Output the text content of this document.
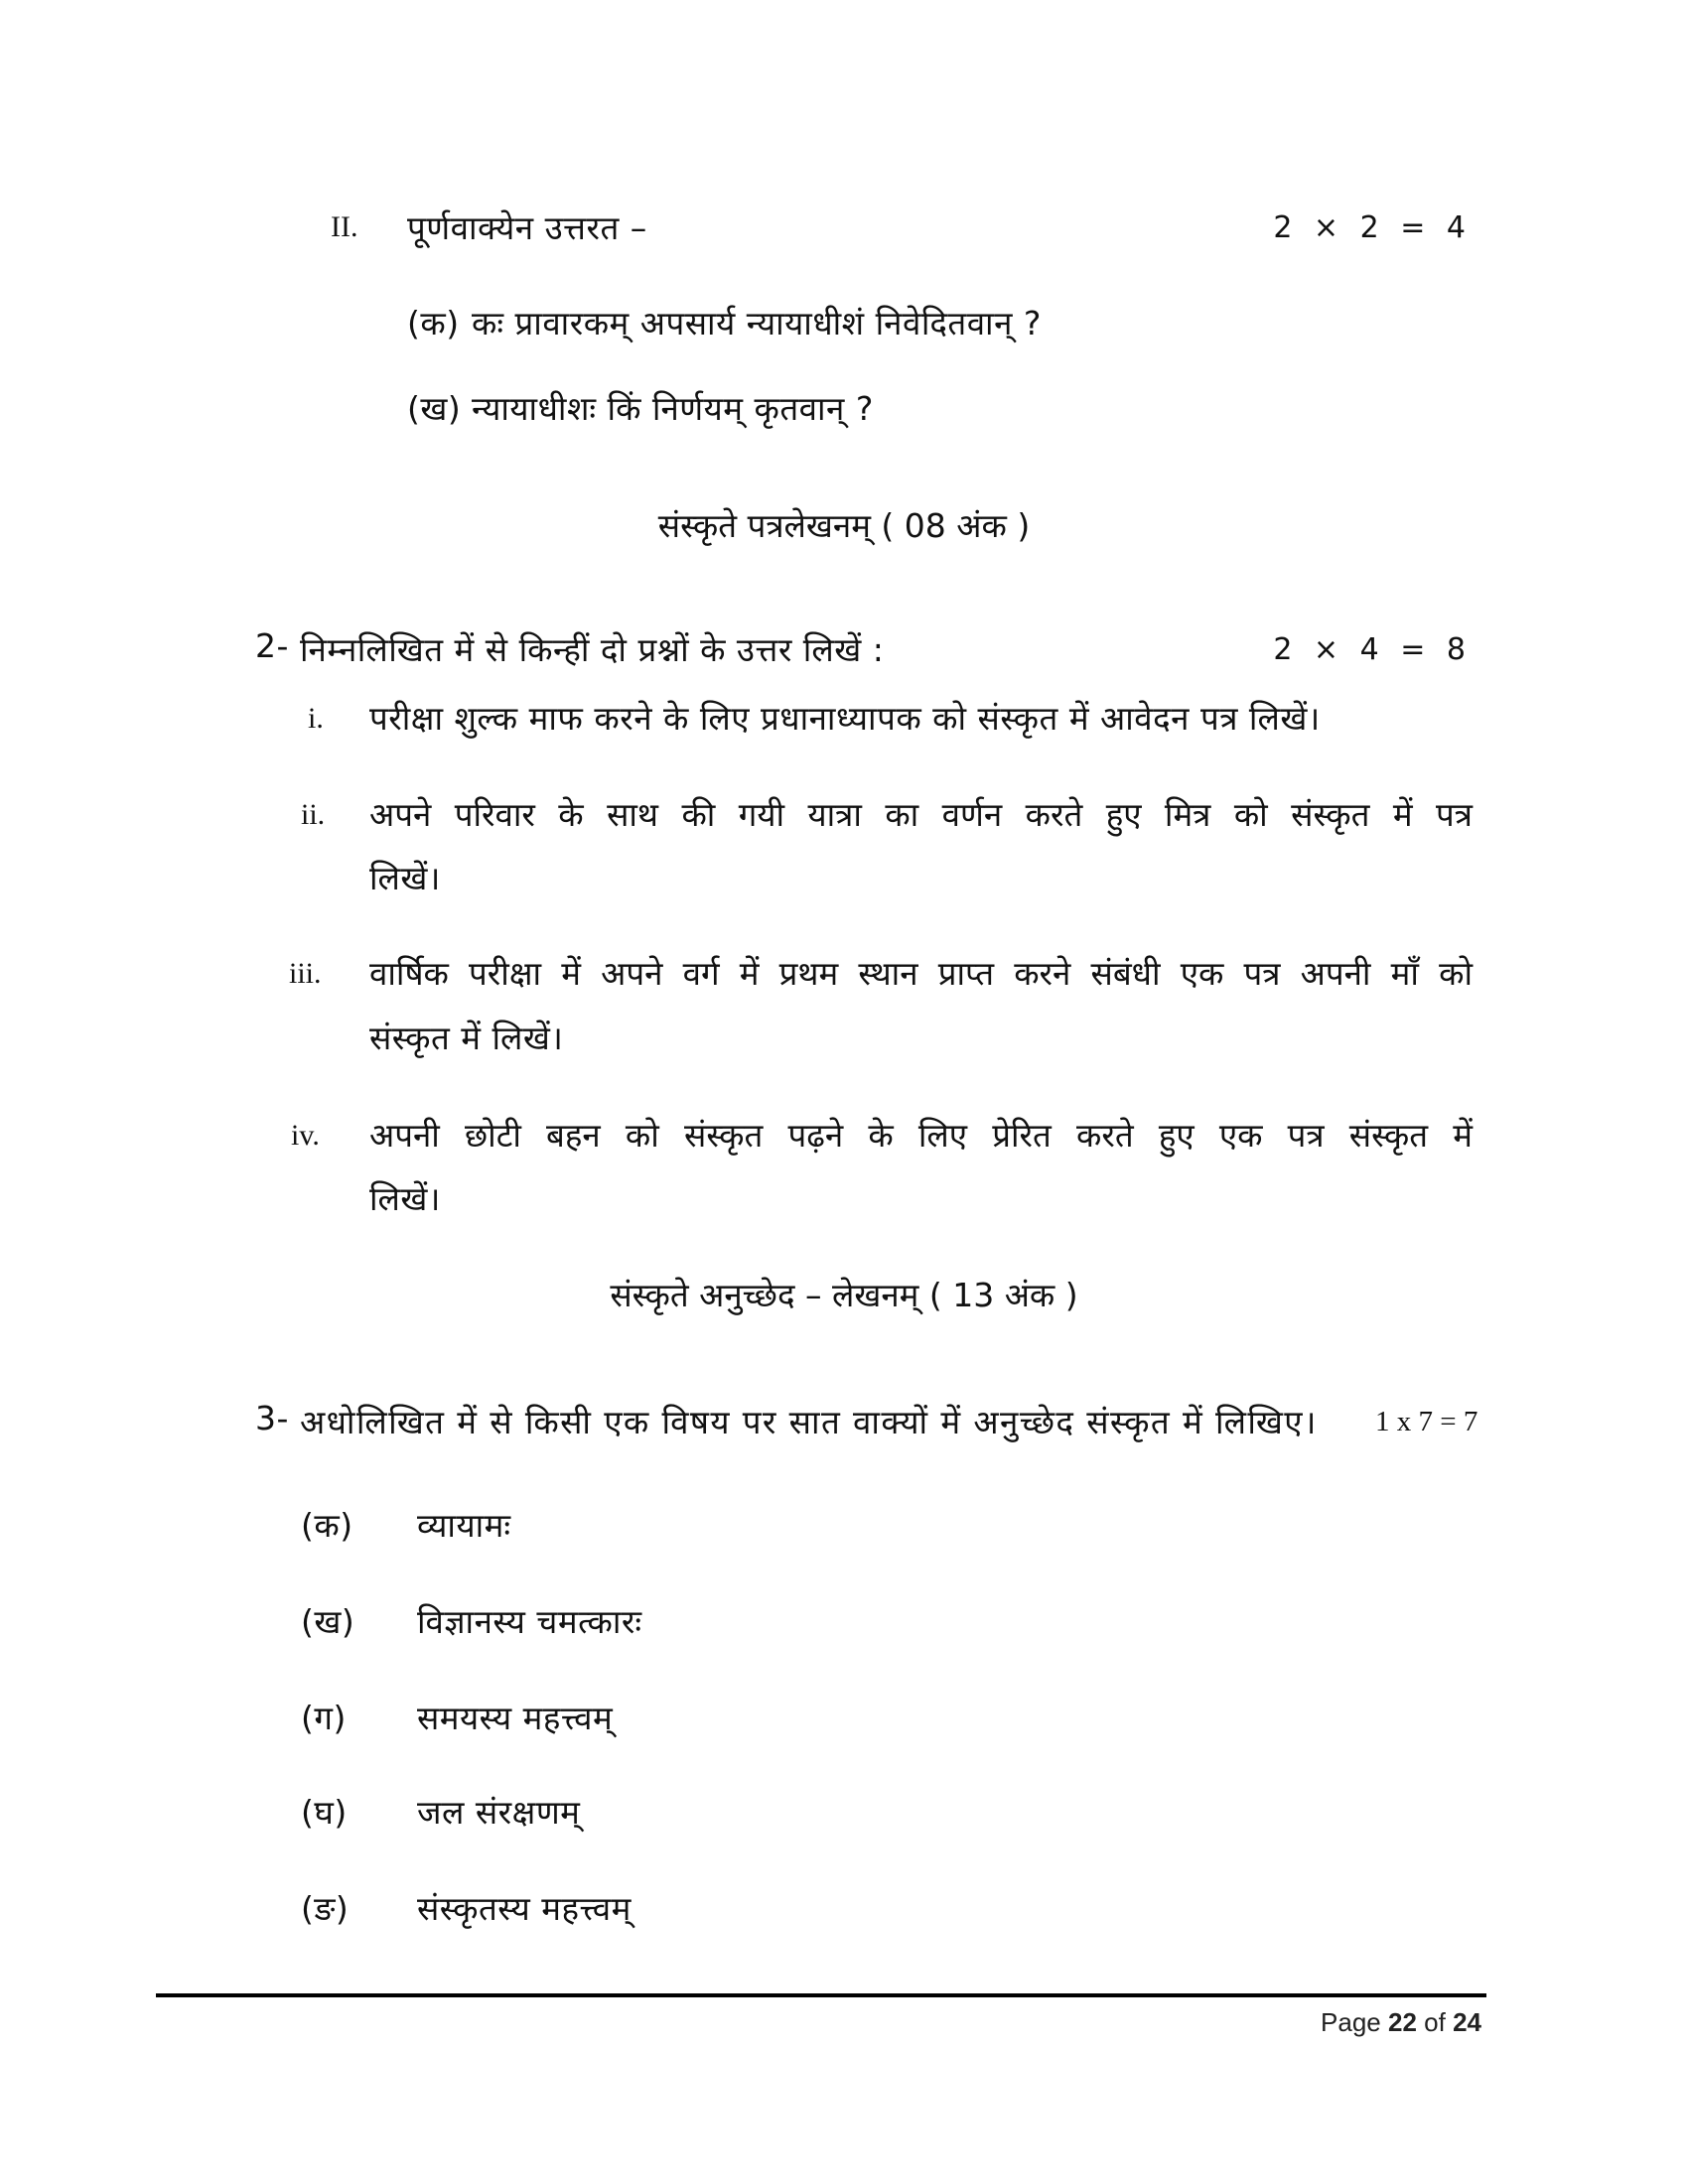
II. पूर्णवाक्येन उत्तरत –	2 × 2 = 4
(क) कः प्रावारकम् अपसार्य न्यायाधीशं निवेदितवान् ?
(ख) न्यायाधीशः किं निर्णयम् कृतवान् ?
संस्कृते पत्रलेखनम् ( 08 अंक )
2- निम्नलिखित में से किन्हीं दो प्रश्नों के उत्तर लिखें :	2 × 4 = 8
i. परीक्षा शुल्क माफ करने के लिए प्रधानाध्यापक को संस्कृत में आवेदन पत्र लिखें।
ii. अपने परिवार के साथ की गयी यात्रा का वर्णन करते हुए मित्र को संस्कृत में पत्र
लिखें।
iii. वार्षिक परीक्षा में अपने वर्ग में प्रथम स्थान प्राप्त करने संबंधी एक पत्र अपनी माँ को
संस्कृत में लिखें।
iv. अपनी छोटी बहन को संस्कृत पढ़ने के लिए प्रेरित करते हुए एक पत्र संस्कृत में
लिखें।
संस्कृते अनुच्छेद – लेखनम् ( 13 अंक )
3- अधोलिखित में से किसी एक विषय पर सात वाक्यों में अनुच्छेद संस्कृत में लिखिए। 1 x 7 = 7
(क) व्यायामः
(ख) विज्ञानस्य चमत्कारः
(ग) समयस्य महत्त्वम्
(घ) जल संरक्षणम्
(ङ) संस्कृतस्य महत्त्वम्
Page 22 of 24
